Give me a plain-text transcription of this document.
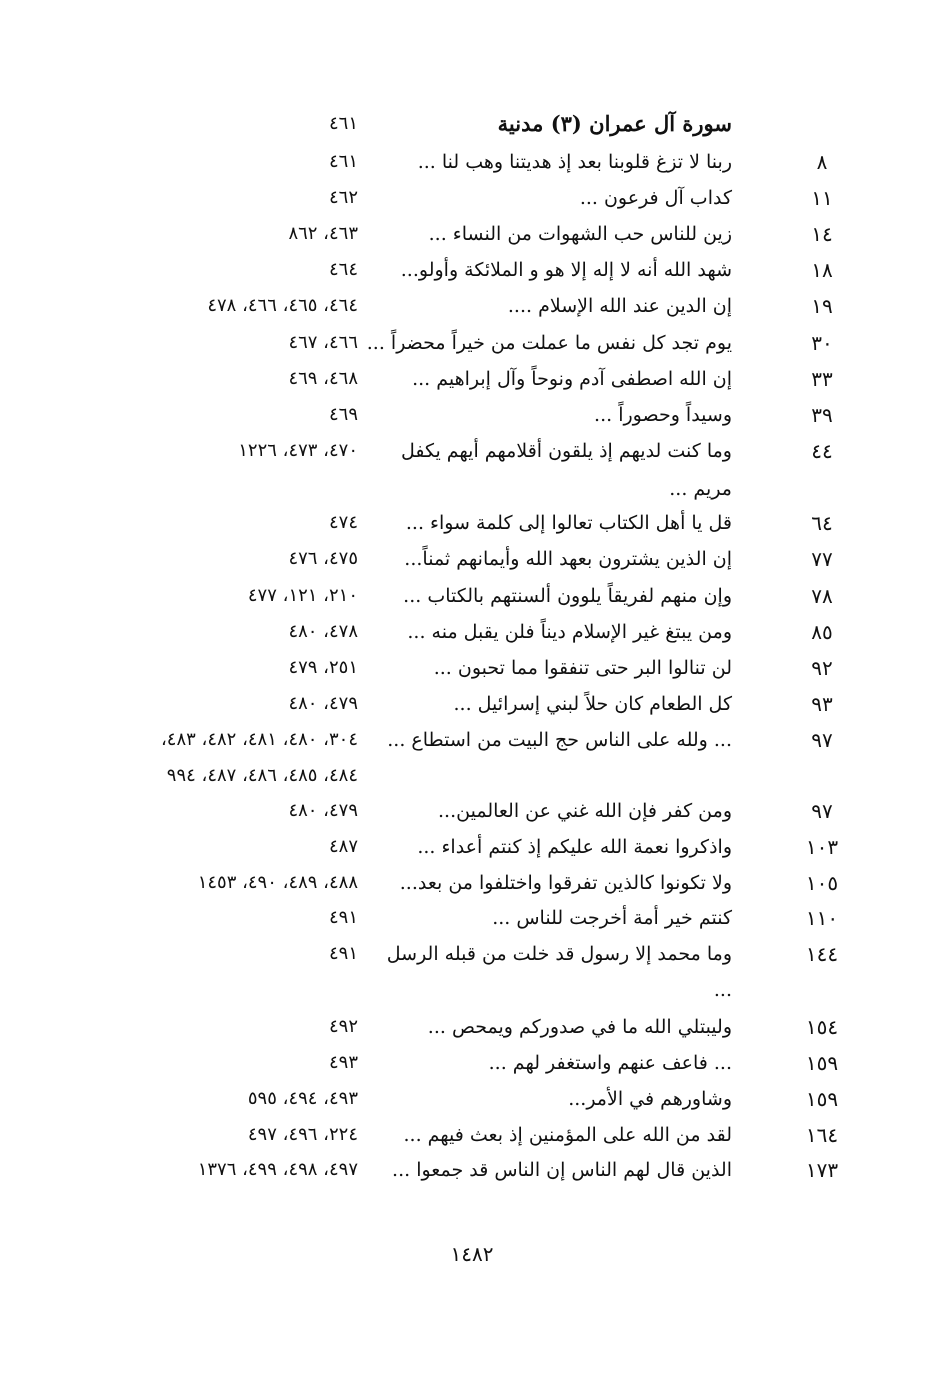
سورة آل عمران (٣) مدنية
٤٦١
٨
ربنا لا تزغ قلوبنا بعد إذ هديتنا وهب لنا ...
٤٦١
١١
كداب آل فرعون ...
٤٦٢
١٤
زين للناس حب الشهوات من النساء ...
٤٦٣، ٨٦٢
١٨
شهد الله أنه لا إله إلا هو و الملائكة وأولو...
٤٦٤
١٩
إن الدين عند الله الإسلام ....
٤٦٤، ٤٦٥، ٤٦٦، ٤٧٨
٣٠
يوم تجد كل نفس ما عملت من خيراً محضراً ...
٤٦٦، ٤٦٧
٣٣
إن الله اصطفى آدم ونوحاً وآل إبراهيم ...
٤٦٨، ٤٦٩
٣٩
وسيداً وحصوراً ...
٤٦٩
٤٤
وما كنت لديهم إذ يلقون أقلامهم أيهم يكفل
٤٧٠، ٤٧٣، ١٢٢٦
مريم ...
٦٤
قل يا أهل الكتاب تعالوا إلى كلمة سواء ...
٤٧٤
٧٧
إن الذين يشترون بعهد الله وأيمانهم ثمناً...
٤٧٥، ٤٧٦
٧٨
وإن منهم لفريقاً يلوون ألسنتهم بالكتاب ...
٢١٠، ١٢١، ٤٧٧
٨٥
ومن يبتغ غير الإسلام ديناً فلن يقبل منه ...
٤٧٨، ٤٨٠
٩٢
لن تنالوا البر حتى تنفقوا مما تحبون ...
٢٥١، ٤٧٩
٩٣
كل الطعام كان حلاً لبني إسرائيل ...
٤٧٩، ٤٨٠
٩٧
... ولله على الناس حج البيت من استطاع ...
٣٠٤، ٤٨٠، ٤٨١، ٤٨٢، ٤٨٣،
٤٨٤، ٤٨٥، ٤٨٦، ٤٨٧، ٩٩٤
٩٧
ومن كفر فإن الله غني عن العالمين...
٤٧٩، ٤٨٠
١٠٣
واذكروا نعمة الله عليكم إذ كنتم أعداء ...
٤٨٧
١٠٥
ولا تكونوا كالذين تفرقوا واختلفوا من بعد...
٤٨٨، ٤٨٩، ٤٩٠، ١٤٥٣
١١٠
كنتم خير أمة أخرجت للناس ...
٤٩١
١٤٤
وما محمد إلا رسول قد خلت من قبله الرسل
٤٩١
...
١٥٤
وليبتلي الله ما في صدوركم ويمحص ...
٤٩٢
١٥٩
... فاعف عنهم واستغفر لهم ...
٤٩٣
١٥٩
وشاورهم في الأمر...
٤٩٣، ٤٩٤، ٥٩٥
١٦٤
لقد من الله على المؤمنين إذ بعث فيهم ...
٢٢٤، ٤٩٦، ٤٩٧
١٧٣
الذين قال لهم الناس إن الناس قد جمعوا ...
٤٩٧، ٤٩٨، ٤٩٩، ١٣٧٦
١٤٨٢
